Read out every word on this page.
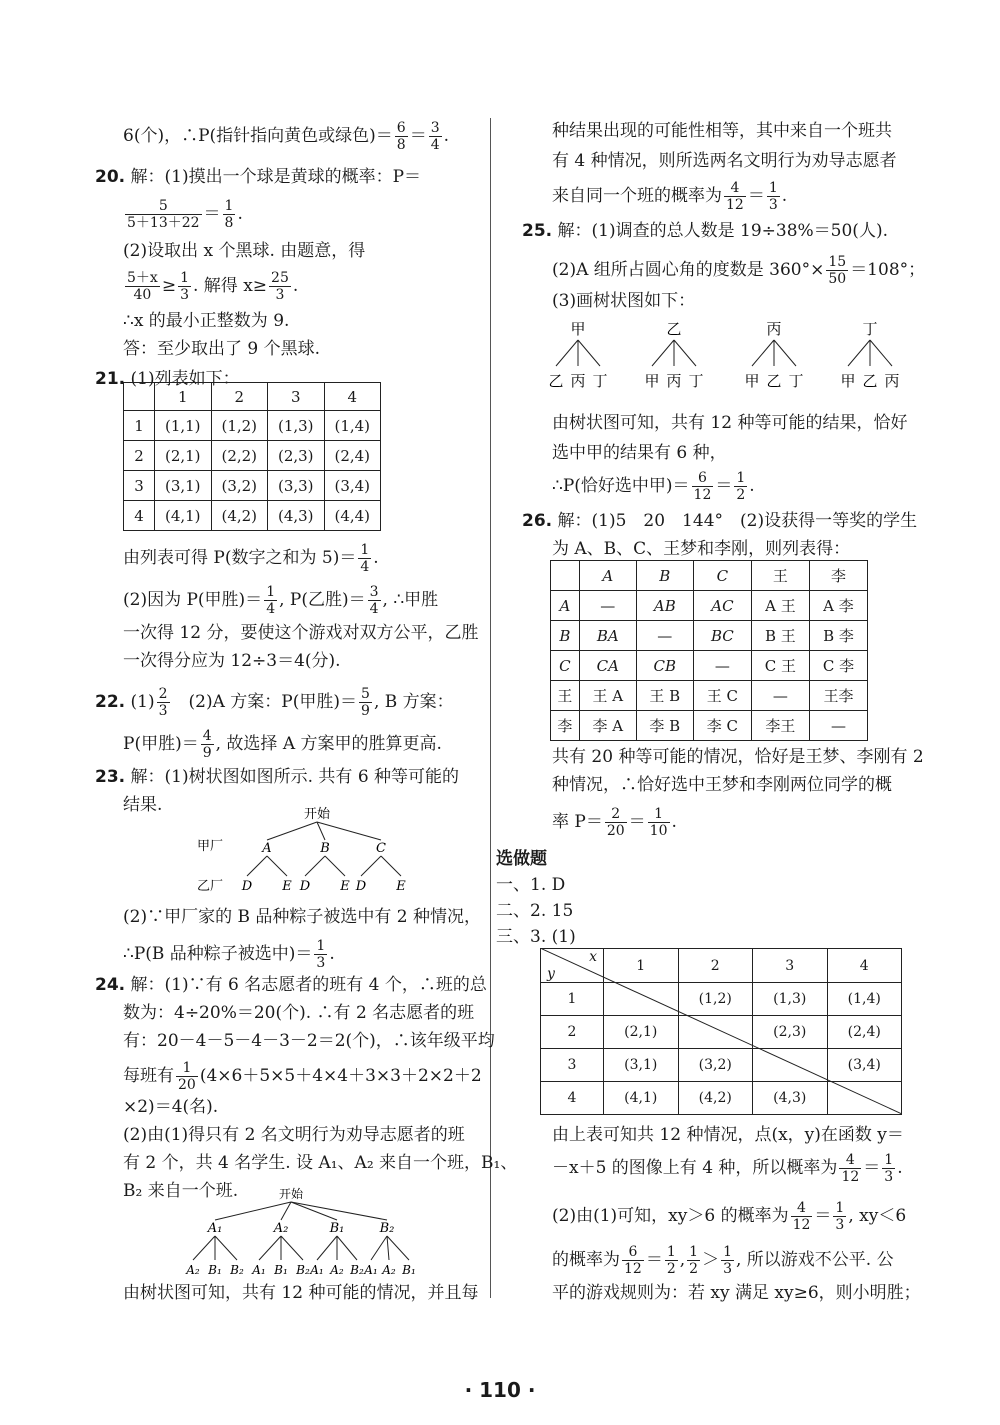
6(个)，∴P(指针指向黄色或绿色)＝ $\frac{6}{8} = \frac{3}{4}$ .
20. 解：(1)摸出一个球是黄球的概率：P＝
$\frac{5}{5+13+22} = \frac{1}{8}$ .
(2)设取出 x 个黑球. 由题意，得
$\frac{5+x}{40} \ge \frac{1}{3}$ . 解得 $x\ge \frac{25}{3}$ .
∴x 的最小正整数为 9.
答：至少取出了 9 个黑球.
21. (1)列表如下：
	1	2	3	4
1	(1,1)	(1,2)	(1,3)	(1,4)
2	(2,1)	(2,2)	(2,3)	(2,4)
3	(3,1)	(3,2)	(3,3)	(3,4)
4	(4,1)	(4,2)	(4,3)	(4,4)
由列表可得 P(数字之和为 $5)= \frac{1}{4}$ .
(2)因为 P(甲胜)＝ $\frac{1}{4}$ , P(乙胜)＝ $\frac{3}{4}$ , ∴甲胜
一次得 12 分，要使这个游戏对双方公平，乙胜
一次得分应为 12÷3＝4(分).
22. $(1) \frac{2}{3}$
　 (2)A 方案：P(甲胜)＝ $\frac{5}{9}$ , B 方案：
P(甲胜)＝ $\frac{4}{9}$ , 故选择 A 方案甲的胜算更高.
23. 解：(1)树状图如图所示. 共有 6 种等可能的
结果.	开始
甲厂	A	B	C
乙厂 D E D E D E
(2)∵甲厂家的 B 品种粽子被选中有 2 种情况，
∴P(B 品种粽子被选中)＝ $\frac{1}{3}$ .
24. 解：(1)∵有 6 名志愿者的班有 4 个，∴班的总
数为：4÷20%＝20(个). ∴有 2 名志愿者的班
有：20－4－5－4－3－2＝2(个)，∴该年级平均
每班有 $\frac{1}{20} (4\times 6+5\times 5+4\times 4+3\times 3+2\times 2+2$
×2)＝4(名).
(2)由(1)得只有 2 名文明行为劝导志愿者的班
有 2 个，共 4 名学生. 设 A₁、A₂ 来自一个班，B₁、
B₂ 来自一个班.	开始
A₁	A₂	B₁	B₂
A₂ B₁ B₂ A₁ B₁ B₂ A₁ A₂ B₂ A₁ A₂ B₁
由树状图可知，共有 12 种可能的情况，并且每
种结果出现的可能性相等，其中来自一个班共
有 4 种情况，则所选两名文明行为劝导志愿者
来自同一个班的概率为 $\frac{4}{12} = \frac{1}{3}$ .
25. 解：(1)调查的总人数是 19÷38%＝50(人).
(2)A 组所占圆心角的度数是 $360^\circ\times \frac{15}{50} =108^\circ$；
(3)画树状图如下：
甲	乙	丙	丁
乙 丙 丁 甲 丙 丁	甲 乙 丁 甲 乙 丙
由树状图可知，共有 12 种等可能的结果，恰好
选中甲的结果有 6 种，
∴P(恰好选中甲)＝ $\frac{6}{12} = \frac{1}{2}$ .
26. 解：(1)5　20　144°　(2)设获得一等奖的学生
为 A、B、C、王梦和李刚，则列表得：
	A	B	C	王	李
A	—	AB	AC	A 王	A 李
B	BA	—	BC	B 王	B 李
C	CA	CB	—	C 王	C 李
王	王 A	王 B	王 C	—	王李
李	李 A	李 B	李 C	李王	—
共有 20 种等可能的情况，恰好是王梦、李刚有 2
种情况，∴恰好选中王梦和李刚两位同学的概
率 $P= \frac{2}{20} = \frac{1}{10}$ .
选做题
一、1. D
二、2. 15
三、3. (1)
x
y	1	2	3	4
1		(1,2)	(1,3)	(1,4)
2	(2,1)		(2,3)	(2,4)
3	(3,1)	(3,2)		(3,4)
4	(4,1)	(4,2)	(4,3)	
由上表可知共 12 种情况，点(x，y)在函数 y＝
－x＋5 的图像上有 4 种，所以概率为 $\frac{4}{12} = \frac{1}{3}$ .
(2)由(1)可知，xy＞6 的概率为 $\frac{4}{12} = \frac{1}{3}$ , xy＜6
的概率为 $\frac{6}{12} = \frac{1}{2}$ , $\frac{1}{2} > \frac{1}{3}$ , 所以游戏不公平. 公
平的游戏规则为：若 xy 满足 xy≥6，则小明胜；
· 110 ·
